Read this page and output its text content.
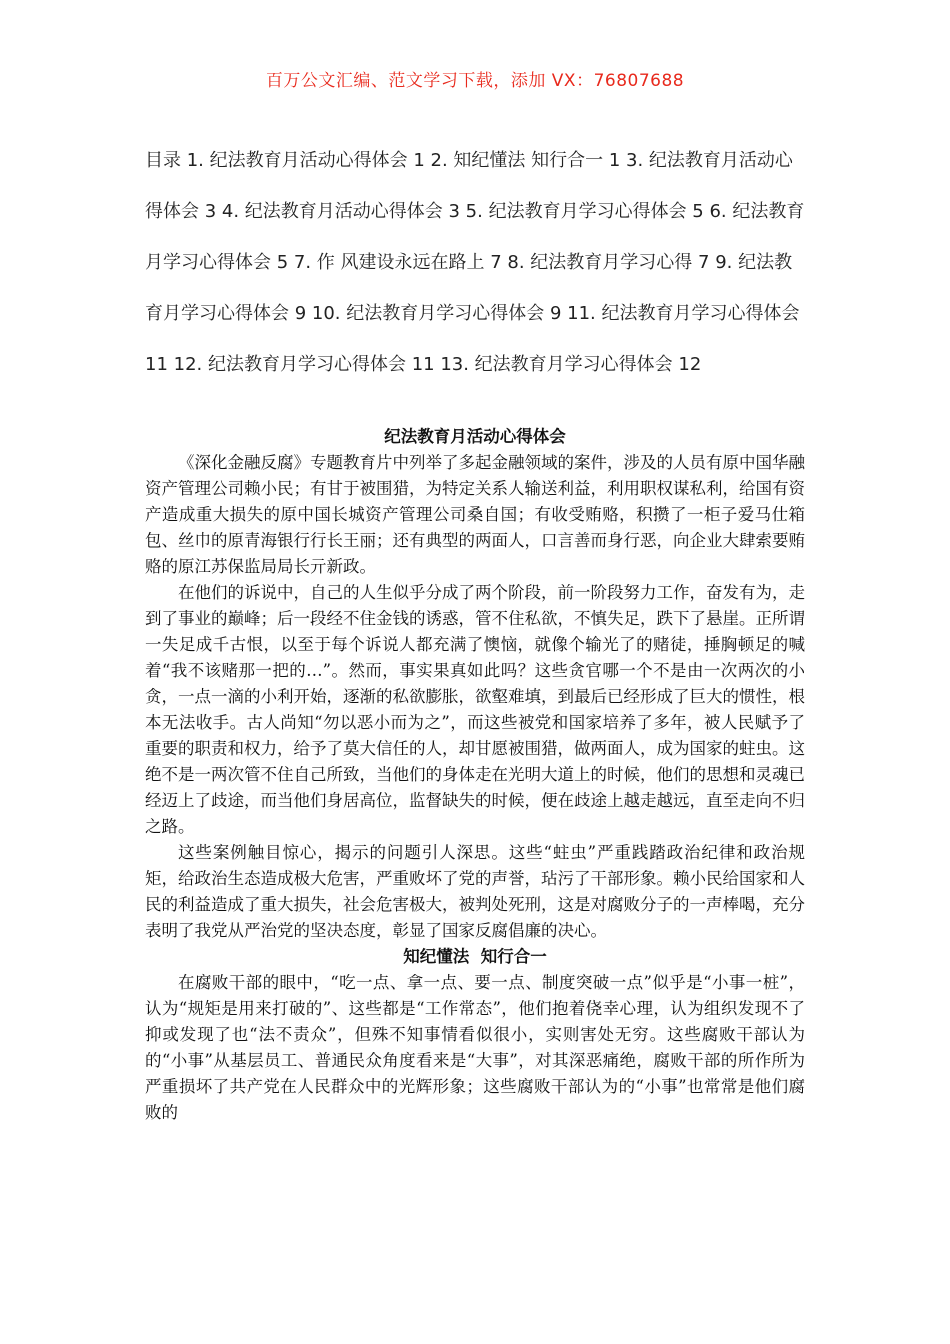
百万公文汇编、范文学习下载，添加 VX：76807688
目录 1. 纪法教育月活动心得体会 1 2. 知纪懂法 知行合一 1 3. 纪法教育月活动心得体会 3 4. 纪法教育月活动心得体会 3 5. 纪法教育月学习心得体会 5 6. 纪法教育月学习心得体会 5 7. 作 风建设永远在路上 7 8. 纪法教育月学习心得 7 9. 纪法教育月学习心得体会 9 10. 纪法教育月学习心得体会 9 11. 纪法教育月学习心得体会 11 12. 纪法教育月学习心得体会 11 13. 纪法教育月学习心得体会 12
纪法教育月活动心得体会

《深化金融反腐》专题教育片中列举了多起金融领域的案件，涉及的人员有原中国华融资产管理公司赖小民；有甘于被围猎，为特定关系人输送利益，利用职权谋私利，给国有资产造成重大损失的原中国长城资产管理公司桑自国；有收受贿赂，积攒了一柜子爱马仕箱包、丝巾的原青海银行行长王丽；还有典型的两面人，口言善而身行恶，向企业大肆索要贿赂的原江苏保监局局长亓新政。

在他们的诉说中，自己的人生似乎分成了两个阶段，前一阶段努力工作，奋发有为，走到了事业的巅峰；后一段经不住金钱的诱惑，管不住私欲，不慎失足，跌下了悬崖。正所谓一失足成千古恨，以至于每个诉说人都充满了懊恼，就像个输光了的赌徒，捶胸顿足的喊着“我不该赌那一把的…”。然而，事实果真如此吗？这些贪官哪一个不是由一次两次的小贪，一点一滴的小利开始，逐渐的私欲膨胀，欲壑难填，到最后已经形成了巨大的惯性，根本无法收手。古人尚知“勿以恶小而为之”，而这些被党和国家培养了多年，被人民赋予了重要的职责和权力，给予了莫大信任的人，却甘愿被围猎，做两面人，成为国家的蛀虫。这绝不是一两次管不住自己所致，当他们的身体走在光明大道上的时候，他们的思想和灵魂已经迈上了歧途，而当他们身居高位，监督缺失的时候，便在歧途上越走越远，直至走向不归之路。

这些案例触目惊心，揭示的问题引人深思。这些“蛀虫”严重践踏政治纪律和政治规矩，给政治生态造成极大危害，严重败坏了党的声誉，玷污了干部形象。赖小民给国家和人民的利益造成了重大损失，社会危害极大，被判处死刑，这是对腐败分子的一声棒喝，充分表明了我党从严治党的坚决态度，彰显了国家反腐倡廉的决心。

知纪懂法  知行合一

在腐败干部的眼中，“吃一点、拿一点、要一点、制度突破一点”似乎是“小事一桩”，认为“规矩是用来打破的”、这些都是“工作常态”，他们抱着侥幸心理，认为组织发现不了抑或发现了也“法不责众”，但殊不知事情看似很小，实则害处无穷。这些腐败干部认为的“小事”从基层员工、普通民众角度看来是“大事”，对其深恶痛绝，腐败干部的所作所为严重损坏了共产党在人民群众中的光辉形象；这些腐败干部认为的“小事”也常常是他们腐败的
